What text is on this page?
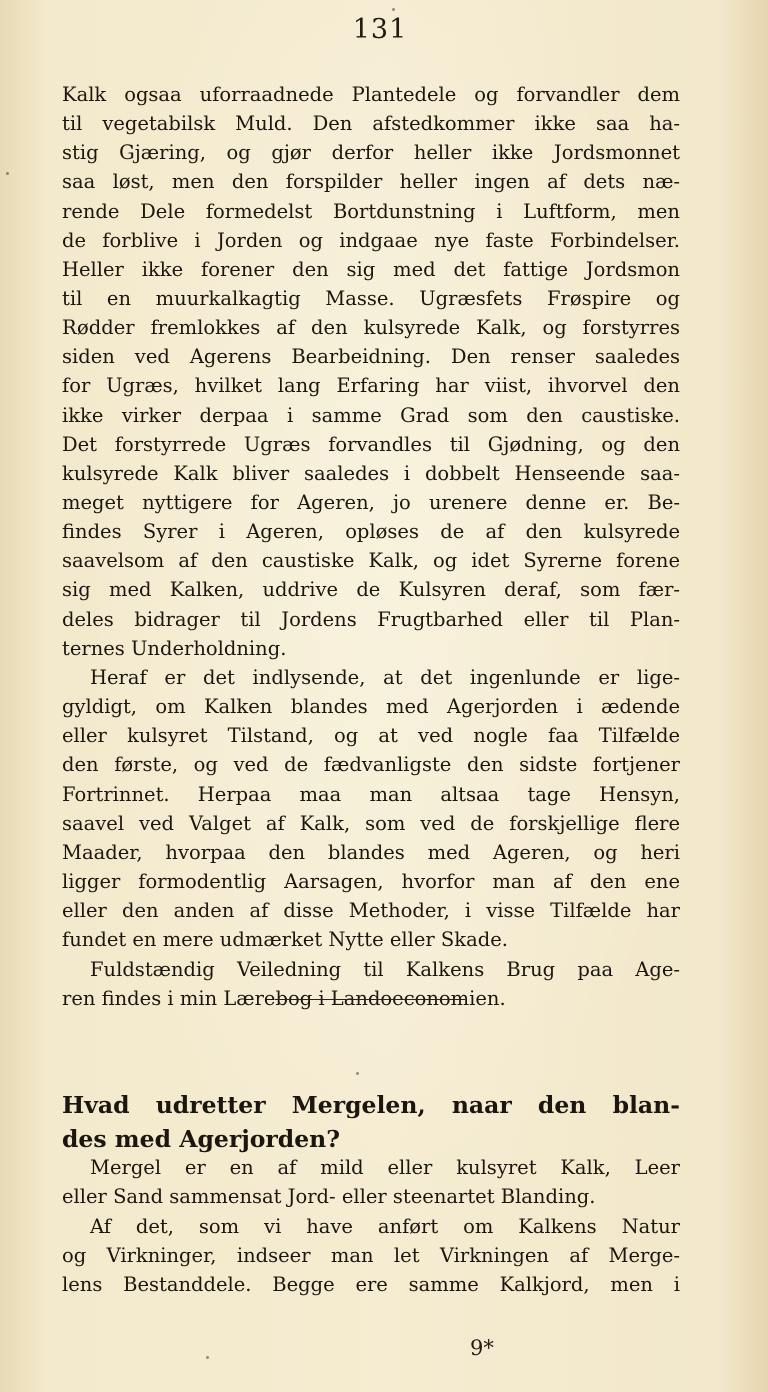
131
Kalk ogsaa uforraadnede Plantedele og forvandler dem
til vegetabilsk Muld. Den afstedkommer ikke saa ha-
stig Gjæring, og gjør derfor heller ikke Jordsmonnet
saa løst, men den forspilder heller ingen af dets næ-
rende Dele formedelst Bortdunstning i Luftform, men
de forblive i Jorden og indgaae nye faste Forbindelser.
Heller ikke forener den sig med det fattige Jordsmon
til en muurkalkagtig Masse. Ugræsfets Frøspire og
Rødder fremlokkes af den kulsyrede Kalk, og forstyrres
siden ved Agerens Bearbeidning. Den renser saaledes
for Ugræs, hvilket lang Erfaring har viist, ihvorvel den
ikke virker derpaa i samme Grad som den caustiske.
Det forstyrrede Ugræs forvandles til Gjødning, og den
kulsyrede Kalk bliver saaledes i dobbelt Henseende saa-
meget nyttigere for Ageren, jo urenere denne er. Be-
findes Syrer i Ageren, opløses de af den kulsyrede
saavelsom af den caustiske Kalk, og idet Syrerne forene
sig med Kalken, uddrive de Kulsyren deraf, som fær-
deles bidrager til Jordens Frugtbarhed eller til Plan-
ternes Underholdning.
Heraf er det indlysende, at det ingenlunde er lige-
gyldigt, om Kalken blandes med Agerjorden i ædende
eller kulsyret Tilstand, og at ved nogle faa Tilfælde
den første, og ved de fædvanligste den sidste fortjener
Fortrinnet. Herpaa maa man altsaa tage Hensyn,
saavel ved Valget af Kalk, som ved de forskjellige flere
Maader, hvorpaa den blandes med Ageren, og heri
ligger formodentlig Aarsagen, hvorfor man af den ene
eller den anden af disse Methoder, i visse Tilfælde har
fundet en mere udmærket Nytte eller Skade.
Fuldstændig Veiledning til Kalkens Brug paa Age-
ren findes i min Lærebog i Landoeconomien.
Hvad udretter Mergelen, naar den blan-
des med Agerjorden?
Mergel er en af mild eller kulsyret Kalk, Leer
eller Sand sammensat Jord- eller steenartet Blanding.
Af det, som vi have anført om Kalkens Natur
og Virkninger, indseer man let Virkningen af Merge-
lens Bestanddele. Begge ere samme Kalkjord, men i
9*
